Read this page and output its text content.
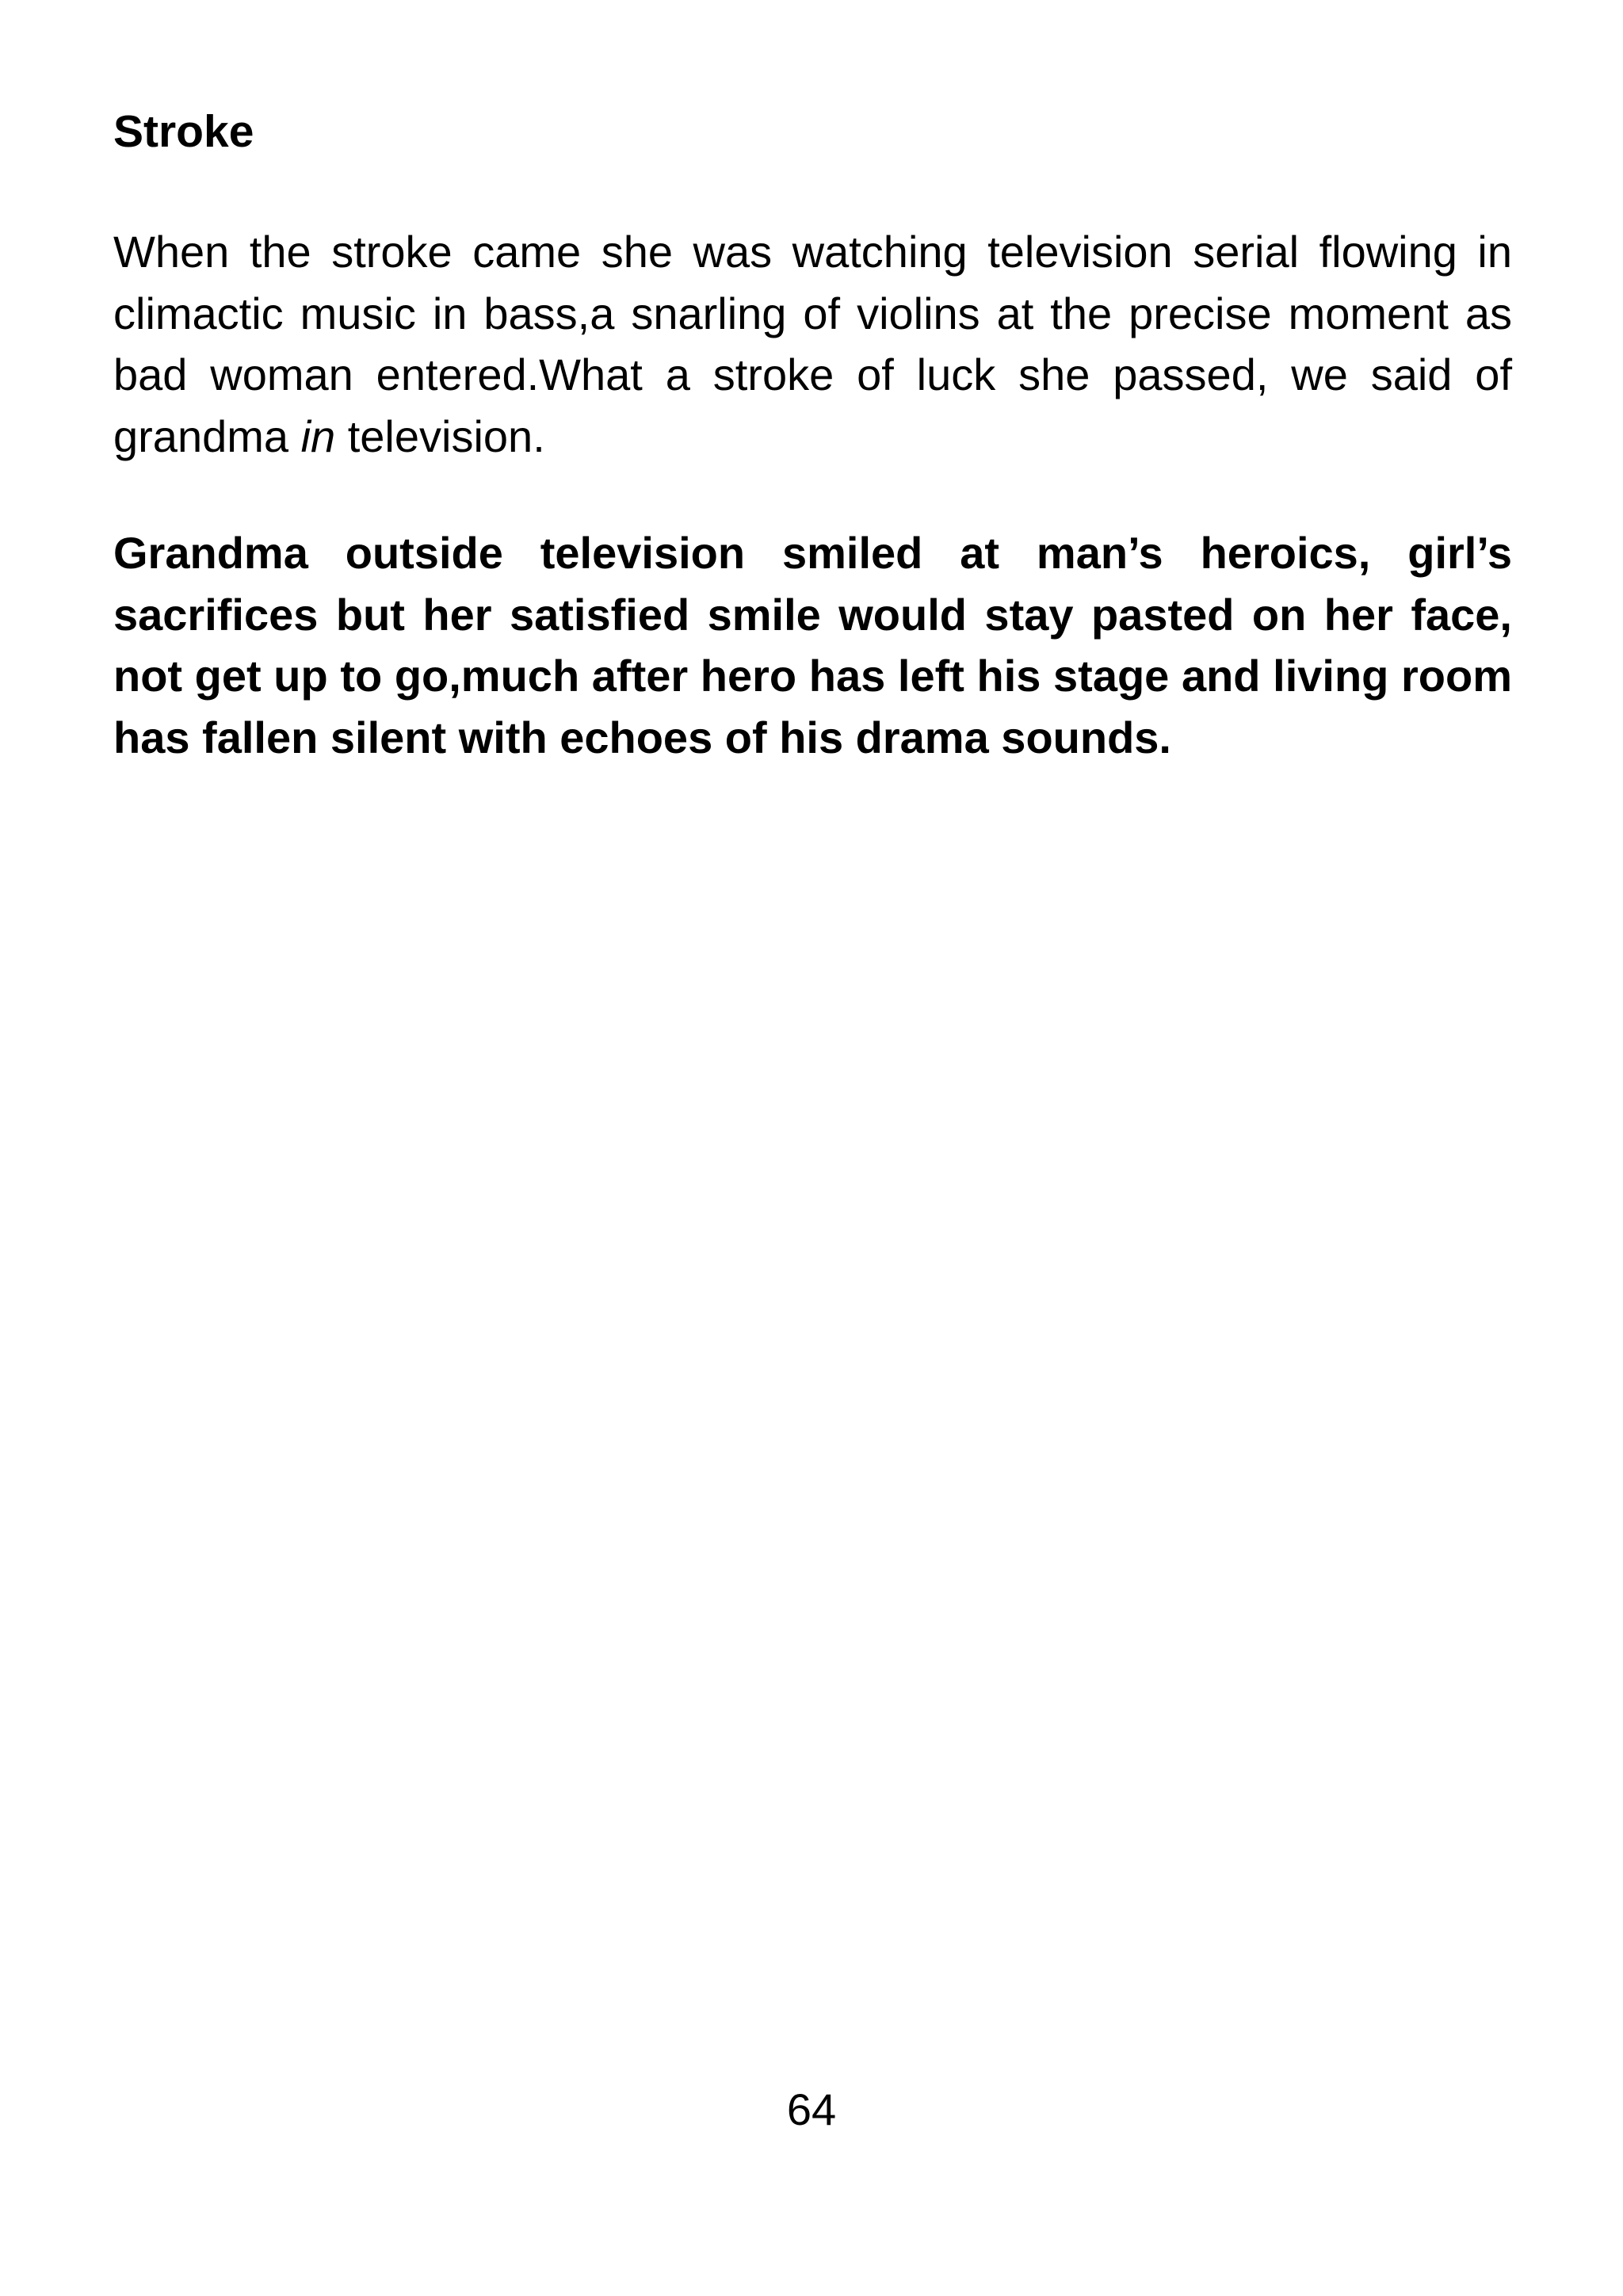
Stroke

When the stroke came she was watching television serial flowing in climactic music in bass,a snarling of violins at the precise moment as bad woman entered.What a stroke of luck she passed, we said of grandma in television.

Grandma outside television smiled at man’s heroics, girl’s sacrifices but her satisfied smile would stay pasted on her face, not get up to go,much after hero has left his stage and living room has fallen silent with echoes of his drama sounds.

64
